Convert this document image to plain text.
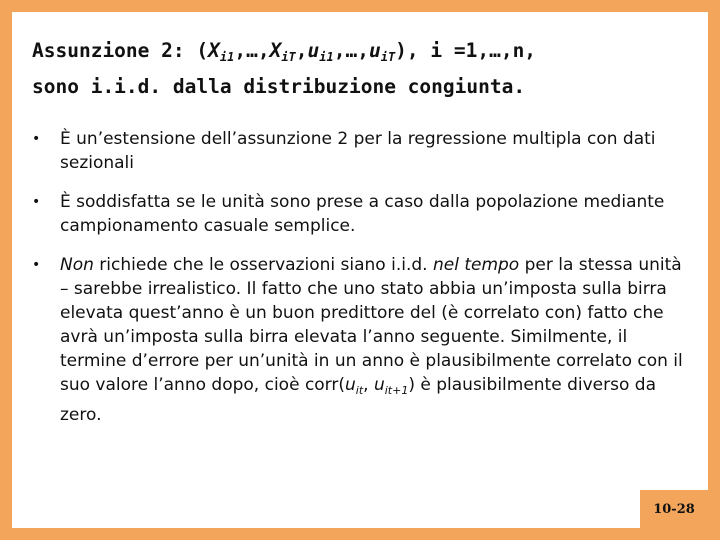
Assunzione 2: $(X_{i1},\dots,X_{iT},u_{i1},\dots,u_{iT})$, i =1,…,n,
sono i.i.d. dalla distribuzione congiunta.
• È un’estensione dell’assunzione 2 per la regressione multipla con dati sezionali
• È soddisfatta se le unità sono prese a caso dalla popolazione mediante campionamento casuale semplice.
• Non richiede che le osservazioni siano i.i.d. nel tempo per la stessa unità – sarebbe irrealistico. Il fatto che uno stato abbia un’imposta sulla birra elevata quest’anno è un buon predittore del (è correlato con) fatto che avrà un’imposta sulla birra elevata l’anno seguente. Similmente, il termine d’errore per un’unità in un anno è plausibilmente correlato con il suo valore l’anno dopo, cioè $corr(u_{it}$, $u_{it+1}$) è plausibilmente diverso da zero.
10-28
